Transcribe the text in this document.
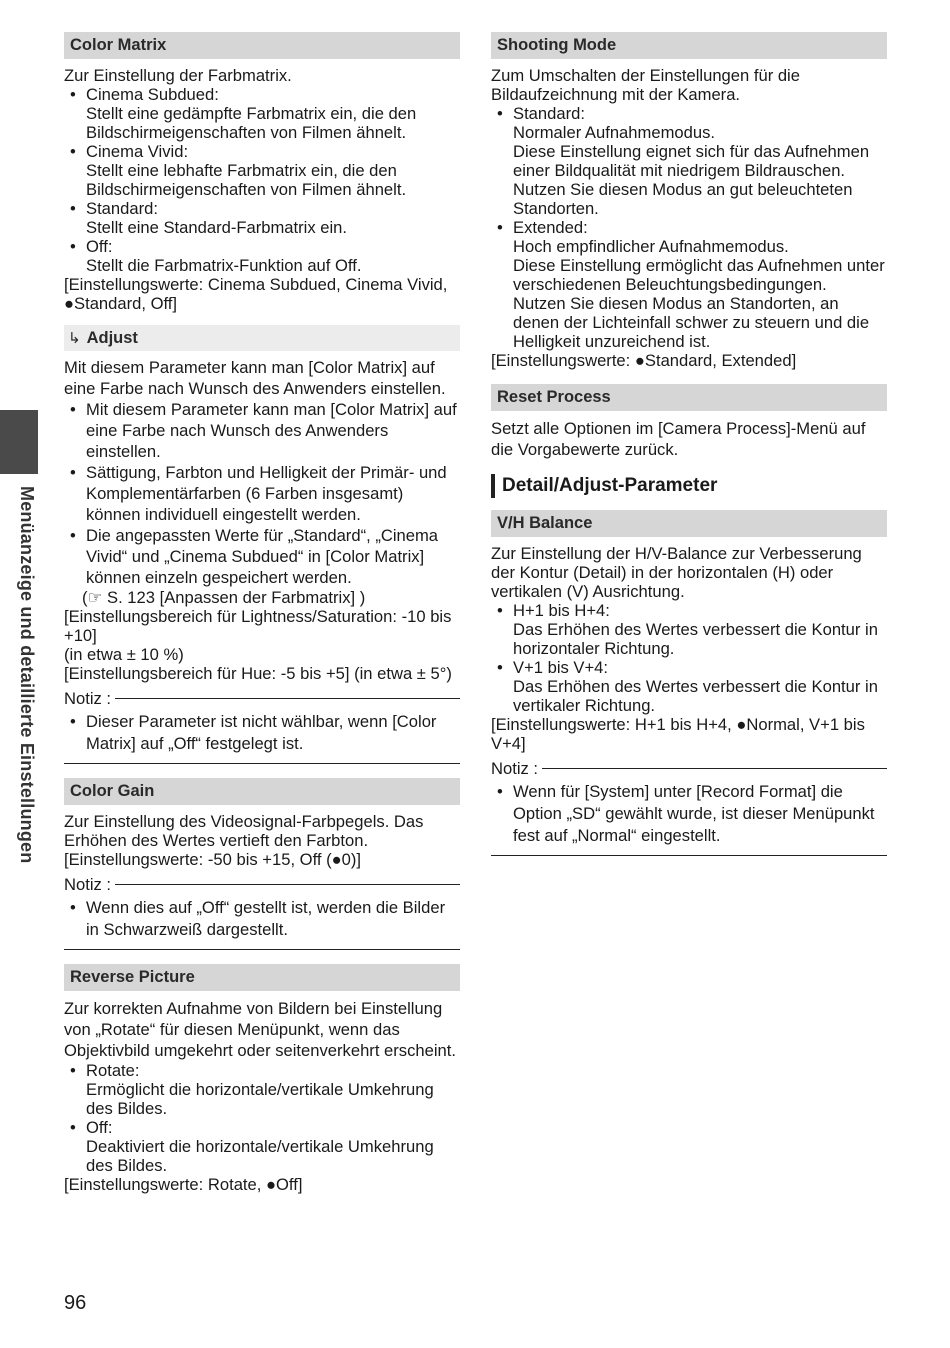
Menüanzeige und detaillierte Einstellungen
Color Matrix

Zur Einstellung der Farbmatrix.

• Cinema Subdued:
Stellt eine gedämpfte Farbmatrix ein, die den Bildschirmeigenschaften von Filmen ähnelt.
• Cinema Vivid:
Stellt eine lebhafte Farbmatrix ein, die den Bildschirmeigenschaften von Filmen ähnelt.
• Standard:
Stellt eine Standard-Farbmatrix ein.
• Off:
Stellt die Farbmatrix-Funktion auf Off.

[Einstellungswerte: Cinema Subdued, Cinema Vivid, ●Standard, Off]

↳ Adjust

Mit diesem Parameter kann man [Color Matrix] auf eine Farbe nach Wunsch des Anwenders einstellen.

• Mit diesem Parameter kann man [Color Matrix] auf eine Farbe nach Wunsch des Anwenders einstellen.
• Sättigung, Farbton und Helligkeit der Primär- und Komplementärfarben (6 Farben insgesamt) können individuell eingestellt werden.
• Die angepassten Werte für „Standard“, „Cinema Vivid“ und „Cinema Subdued“ in [Color Matrix] können einzeln gespeichert werden.

(☞ S. 123 [Anpassen der Farbmatrix] )

[Einstellungsbereich für Lightness/Saturation: -10 bis +10]

(in etwa ± 10 %)

[Einstellungsbereich für Hue: -5 bis +5] (in etwa ± 5°)

Notiz :
• Dieser Parameter ist nicht wählbar, wenn [Color Matrix] auf „Off“ festgelegt ist.
Color Gain

Zur Einstellung des Videosignal-Farbpegels. Das Erhöhen des Wertes vertieft den Farbton.

[Einstellungswerte: -50 bis +15, Off (●0)]

Notiz :
• Wenn dies auf „Off“ gestellt ist, werden die Bilder in Schwarzweiß dargestellt.
Reverse Picture

Zur korrekten Aufnahme von Bildern bei Einstellung von „Rotate“ für diesen Menüpunkt, wenn das Objektivbild umgekehrt oder seitenverkehrt erscheint.

• Rotate:
Ermöglicht die horizontale/vertikale Umkehrung des Bildes.
• Off:
Deaktiviert die horizontale/vertikale Umkehrung des Bildes.

[Einstellungswerte: Rotate, ●Off]

Shooting Mode

Zum Umschalten der Einstellungen für die Bildaufzeichnung mit der Kamera.

• Standard:
Normaler Aufnahmemodus.
Diese Einstellung eignet sich für das Aufnehmen einer Bildqualität mit niedrigem Bildrauschen.
Nutzen Sie diesen Modus an gut beleuchteten Standorten.
• Extended:
Hoch empfindlicher Aufnahmemodus.
Diese Einstellung ermöglicht das Aufnehmen unter verschiedenen Beleuchtungsbedingungen.
Nutzen Sie diesen Modus an Standorten, an denen der Lichteinfall schwer zu steuern und die Helligkeit unzureichend ist.

[Einstellungswerte: ●Standard, Extended]

Reset Process

Setzt alle Optionen im [Camera Process]-Menü auf die Vorgabewerte zurück.

Detail/Adjust-Parameter
V/H Balance

Zur Einstellung der H/V-Balance zur Verbesserung der Kontur (Detail) in der horizontalen (H) oder vertikalen (V) Ausrichtung.

• H+1 bis H+4:
Das Erhöhen des Wertes verbessert die Kontur in horizontaler Richtung.
• V+1 bis V+4:
Das Erhöhen des Wertes verbessert die Kontur in vertikaler Richtung.

[Einstellungswerte: H+1 bis H+4, ●Normal, V+1 bis V+4]

Notiz :
• Wenn für [System] unter [Record Format] die Option „SD“ gewählt wurde, ist dieser Menüpunkt fest auf „Normal“ eingestellt.
96
